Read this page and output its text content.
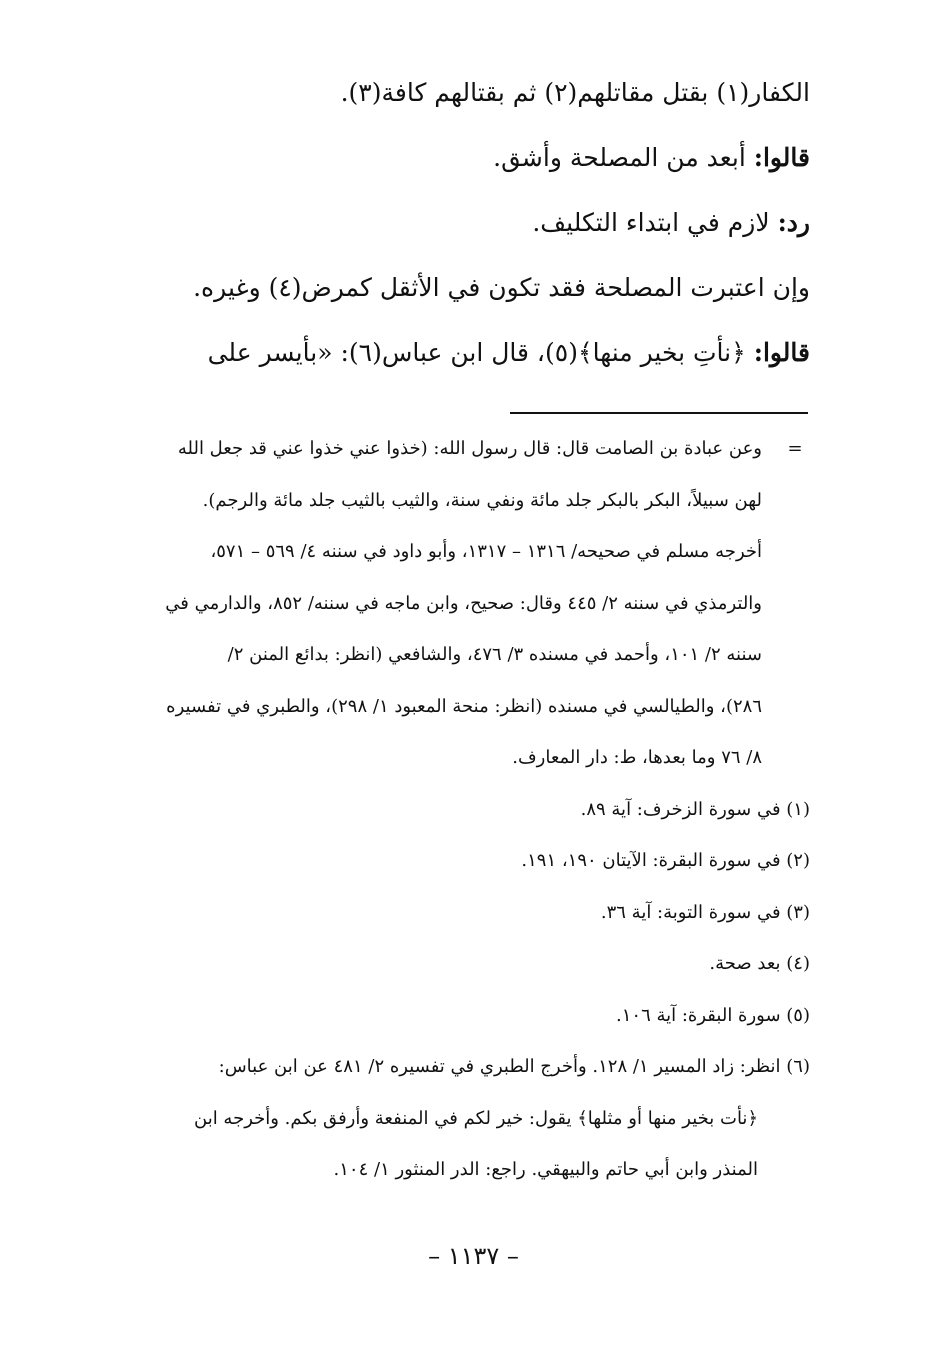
الكفار(١) بقتل مقاتلهم(٢) ثم بقتالهم كافة(٣).

قالوا: أبعد من المصلحة وأشق.

رد: لازم في ابتداء التكليف.

وإن اعتبرت المصلحة فقد تكون في الأثقل كمرض(٤) وغيره.

قالوا: ﴿نأتِ بخير منها﴾(٥)، قال ابن عباس(٦): «بأيسر على

=

وعن عبادة بن الصامت قال: قال رسول الله: (خذوا عني خذوا عني قد جعل الله

لهن سبيلاً، البكر بالبكر جلد مائة ونفي سنة، والثيب بالثيب جلد مائة والرجم).

أخرجه مسلم في صحيحه/ ١٣١٦ – ١٣١٧، وأبو داود في سننه ٤/ ٥٦٩ – ٥٧١،

والترمذي في سننه ٢/ ٤٤٥ وقال: صحيح، وابن ماجه في سننه/ ٨٥٢، والدارمي في

سننه ٢/ ١٠١، وأحمد في مسنده ٣/ ٤٧٦، والشافعي (انظر: بدائع المنن ٢/

٢٨٦)، والطيالسي في مسنده (انظر: منحة المعبود ١/ ٢٩٨)، والطبري في تفسيره

٨/ ٧٦ وما بعدها، ط: دار المعارف.

(١) في سورة الزخرف: آية ٨٩.

(٢) في سورة البقرة: الآيتان ١٩٠، ١٩١.

(٣) في سورة التوبة: آية ٣٦.

(٤) بعد صحة.

(٥) سورة البقرة: آية ١٠٦.

(٦) انظر: زاد المسير ١/ ١٢٨. وأخرج الطبري في تفسيره ٢/ ٤٨١ عن ابن عباس:

﴿نأت بخير منها أو مثلها﴾ يقول: خير لكم في المنفعة وأرفق بكم. وأخرجه ابن

المنذر وابن أبي حاتم والبيهقي. راجع: الدر المنثور ١/ ١٠٤.

– ١١٣٧ –
